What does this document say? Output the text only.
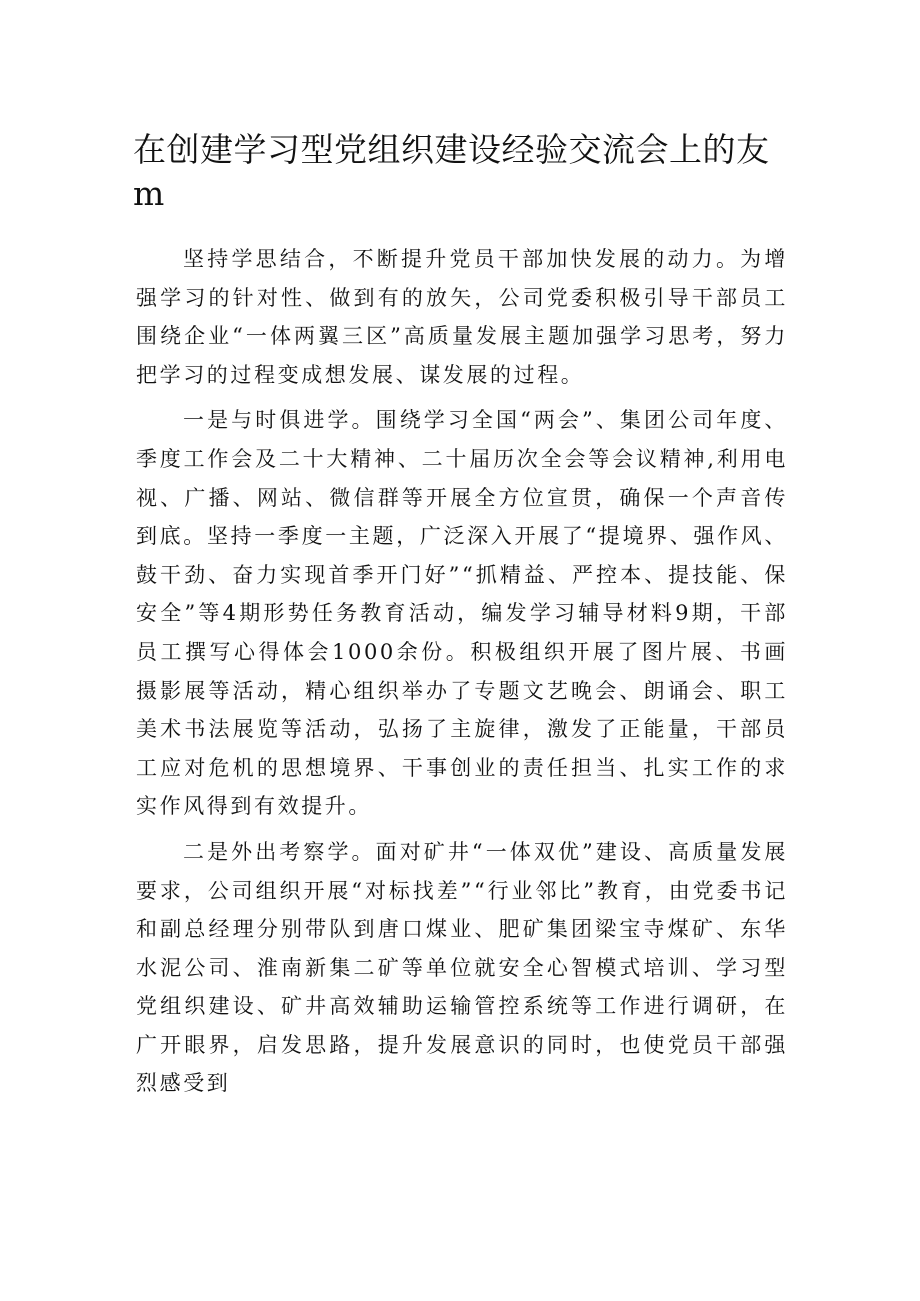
在创建学习型党组织建设经验交流会上的友m

坚持学思结合，不断提升党员干部加快发展的动力。为增强学习的针对性、做到有的放矢，公司党委积极引导干部员工围绕企业“一体两翼三区”高质量发展主题加强学习思考，努力把学习的过程变成想发展、谋发展的过程。

一是与时俱进学。围绕学习全国“两会”、集团公司年度、季度工作会及二十大精神、二十届历次全会等会议精神,利用电视、广播、网站、微信群等开展全方位宣贯，确保一个声音传到底。坚持一季度一主题，广泛深入开展了“提境界、强作风、鼓干劲、奋力实现首季开门好”“抓精益、严控本、提技能、保安全”等4期形势任务教育活动，编发学习辅导材料9期，干部员工撰写心得体会1000余份。积极组织开展了图片展、书画摄影展等活动，精心组织举办了专题文艺晚会、朗诵会、职工美术书法展览等活动，弘扬了主旋律，激发了正能量，干部员工应对危机的思想境界、干事创业的责任担当、扎实工作的求实作风得到有效提升。

二是外出考察学。面对矿井“一体双优”建设、高质量发展要求，公司组织开展“对标找差”“行业邻比”教育，由党委书记和副总经理分别带队到唐口煤业、肥矿集团梁宝寺煤矿、东华水泥公司、淮南新集二矿等单位就安全心智模式培训、学习型党组织建设、矿井高效辅助运输管控系统等工作进行调研，在广开眼界，启发思路，提升发展意识的同时，也使党员干部强烈感受到
